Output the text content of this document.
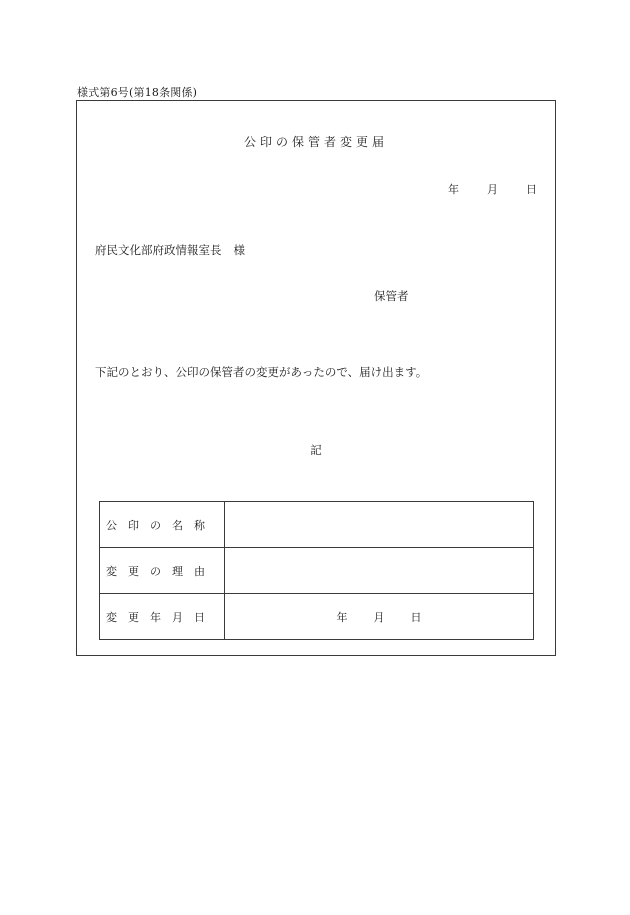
様式第6号(第18条関係)
公印の保管者変更届
年	月	日
府民文化部府政情報室長 様
保管者
下記のとおり、公印の保管者の変更があったので、届け出ます。
記
公印の名称	
変更の理由	
変更年月日	年 月 日
